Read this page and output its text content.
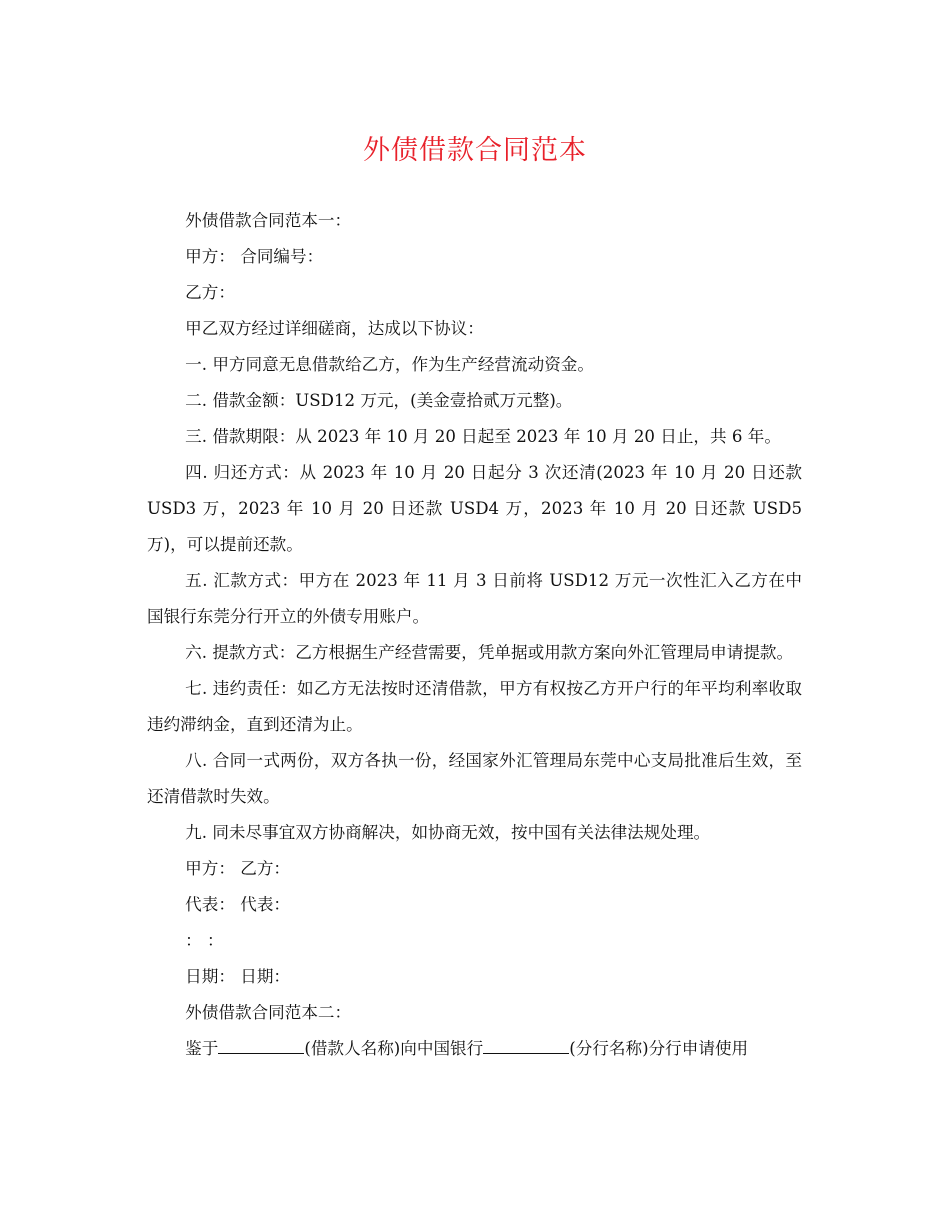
外债借款合同范本

外债借款合同范本一：

甲方： 合同编号：

乙方：

甲乙双方经过详细磋商，达成以下协议：

一. 甲方同意无息借款给乙方，作为生产经营流动资金。

二. 借款金额：USD12 万元，(美金壹拾贰万元整)。

三. 借款期限：从 2023 年 10 月 20 日起至 2023 年 10 月 20 日止，共 6 年。

四. 归还方式：从 2023 年 10 月 20 日起分 3 次还清(2023 年 10 月 20 日还款 USD3 万，2023 年 10 月 20 日还款 USD4 万，2023 年 10 月 20 日还款 USD5 万)，可以提前还款。

五. 汇款方式：甲方在 2023 年 11 月 3 日前将 USD12 万元一次性汇入乙方在中国银行东莞分行开立的外债专用账户。

六. 提款方式：乙方根据生产经营需要，凭单据或用款方案向外汇管理局申请提款。

七. 违约责任：如乙方无法按时还清借款，甲方有权按乙方开户行的年平均利率收取违约滞纳金，直到还清为止。

八. 合同一式两份，双方各执一份，经国家外汇管理局东莞中心支局批准后生效，至还清借款时失效。

九. 同未尽事宜双方协商解决，如协商无效，按中国有关法律法规处理。

甲方： 乙方：

代表： 代表：

： ：

日期： 日期：

外债借款合同范本二：

鉴于	(借款人名称)向中国银行	(分行名称)分行申请使用
